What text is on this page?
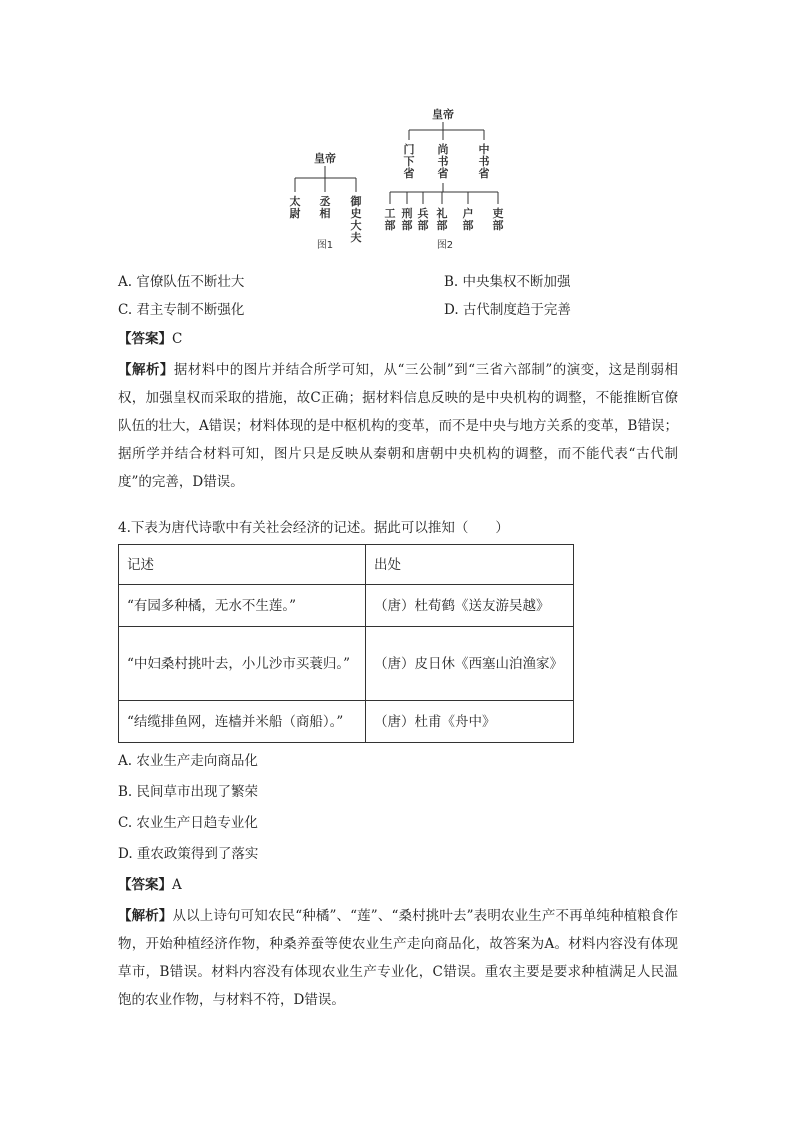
皇帝
太尉
丞相
御史大夫
图1
皇帝
门下省
尚书省
中书省
工部
刑部
兵部
礼部
户部
吏部
图2
A. 官僚队伍不断壮大	B. 中央集权不断加强
C. 君主专制不断强化	D. 古代制度趋于完善
【答案】C
【解析】据材料中的图片并结合所学可知，从“三公制”到“三省六部制”的演变，这是削弱相权，加强皇权而采取的措施，故C正确；据材料信息反映的是中央机构的调整，不能推断官僚队伍的壮大，A错误；材料体现的是中枢机构的变革，而不是中央与地方关系的变革，B错误；据所学并结合材料可知，图片只是反映从秦朝和唐朝中央机构的调整，而不能代表“古代制度”的完善，D错误。
4.下表为唐代诗歌中有关社会经济的记述。据此可以推知（　　）
记述	出处
“有园多种橘，无水不生莲。”	（唐）杜荀鹤《送友游吴越》
“中妇桑村挑叶去，小儿沙市买蓑归。”	（唐）皮日休《西塞山泊渔家》
“结缆排鱼网，连樯并米船（商船）。”	（唐）杜甫《舟中》
A. 农业生产走向商品化
B. 民间草市出现了繁荣
C. 农业生产日趋专业化
D. 重农政策得到了落实
【答案】A
【解析】从以上诗句可知农民“种橘”、“莲”、“桑村挑叶去”表明农业生产不再单纯种植粮食作物，开始种植经济作物，种桑养蚕等使农业生产走向商品化，故答案为A。材料内容没有体现草市，B错误。材料内容没有体现农业生产专业化，C错误。重农主要是要求种植满足人民温饱的农业作物，与材料不符，D错误。
